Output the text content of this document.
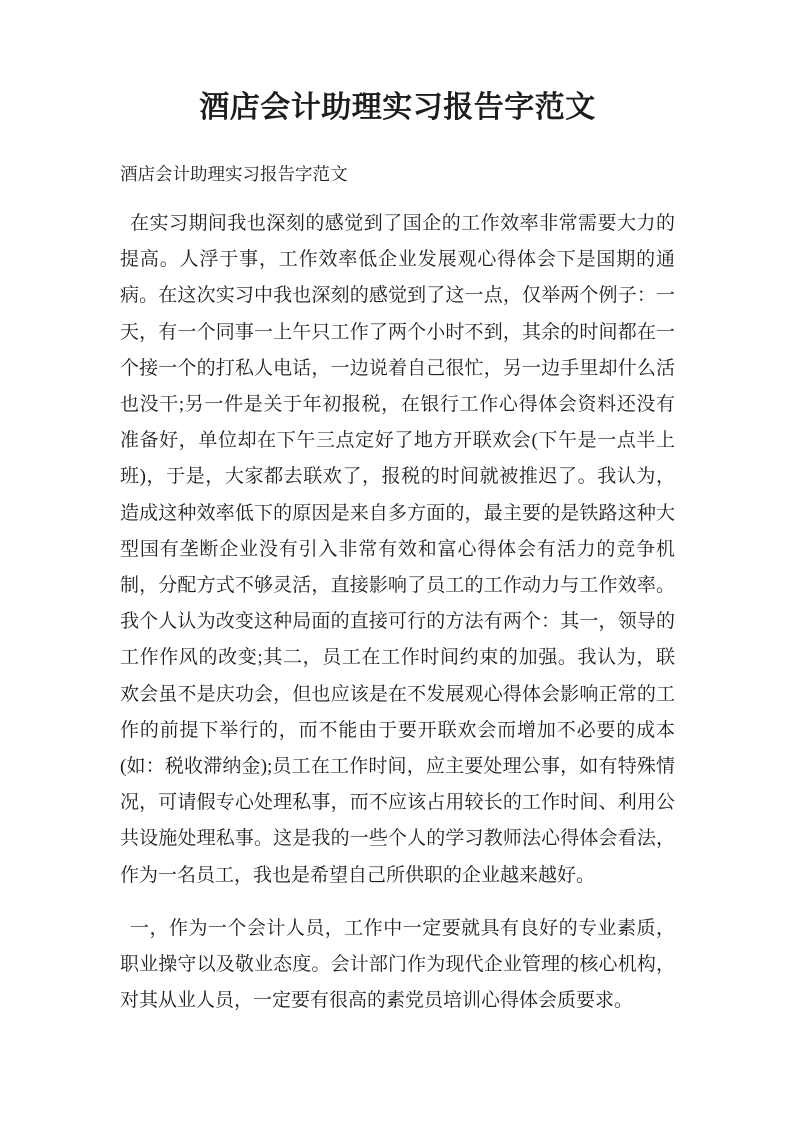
酒店会计助理实习报告字范文

酒店会计助理实习报告字范文

在实习期间我也深刻的感觉到了国企的工作效率非常需要大力的提高。人浮于事，工作效率低企业发展观心得体会下是国期的通病。在这次实习中我也深刻的感觉到了这一点，仅举两个例子：一天，有一个同事一上午只工作了两个小时不到，其余的时间都在一个接一个的打私人电话，一边说着自己很忙，另一边手里却什么活也没干;另一件是关于年初报税，在银行工作心得体会资料还没有准备好，单位却在下午三点定好了地方开联欢会(下午是一点半上班)，于是，大家都去联欢了，报税的时间就被推迟了。我认为，造成这种效率低下的原因是来自多方面的，最主要的是铁路这种大型国有垄断企业没有引入非常有效和富心得体会有活力的竞争机制，分配方式不够灵活，直接影响了员工的工作动力与工作效率。我个人认为改变这种局面的直接可行的方法有两个：其一，领导的工作作风的改变;其二，员工在工作时间约束的加强。我认为，联欢会虽不是庆功会，但也应该是在不发展观心得体会影响正常的工作的前提下举行的，而不能由于要开联欢会而增加不必要的成本(如：税收滞纳金);员工在工作时间，应主要处理公事，如有特殊情况，可请假专心处理私事，而不应该占用较长的工作时间、利用公共设施处理私事。这是我的一些个人的学习教师法心得体会看法，作为一名员工，我也是希望自己所供职的企业越来越好。

一，作为一个会计人员，工作中一定要就具有良好的专业素质，职业操守以及敬业态度。会计部门作为现代企业管理的核心机构，对其从业人员，一定要有很高的素党员培训心得体会质要求。
